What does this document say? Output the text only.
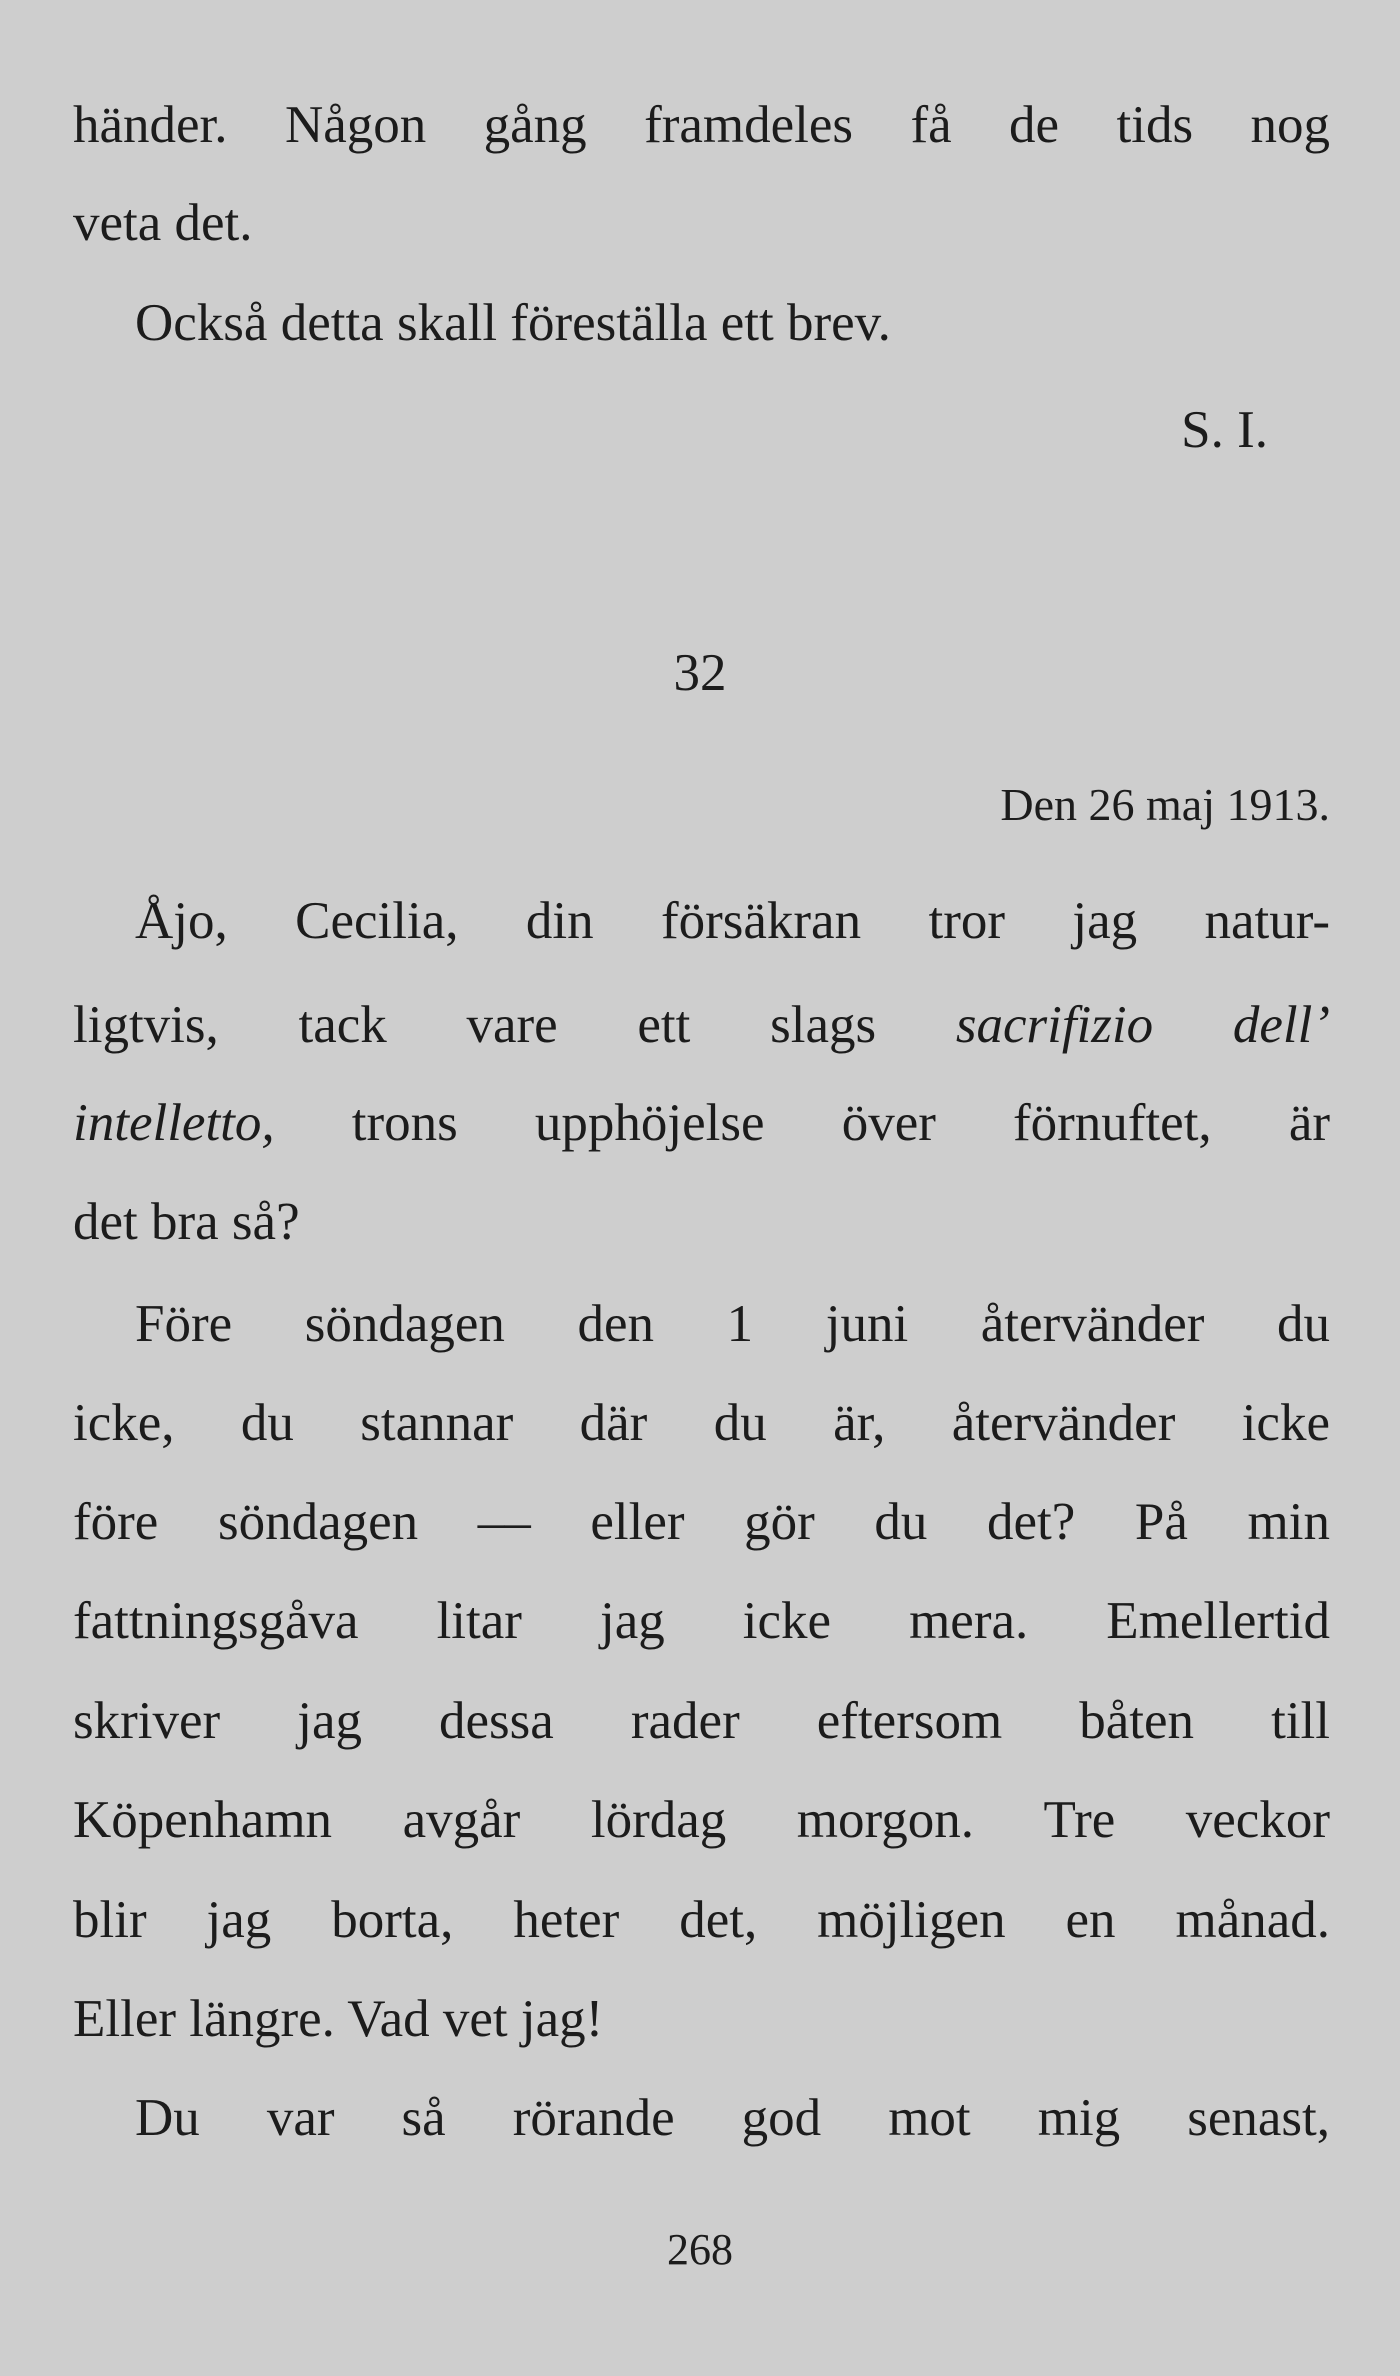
händer. Någon gång framdeles få de tids nog
veta det.
Också detta skall föreställa ett brev.
S. I.
32
Den 26 maj 1913.
Åjo, Cecilia, din försäkran tror jag natur-
ligtvis, tack vare ett slags sacrifizio dell’
intelletto, trons upphöjelse över förnuftet, är
det bra så?
Före söndagen den 1 juni återvänder du
icke, du stannar där du är, återvänder icke
före söndagen –– eller gör du det? På min
fattningsgåva litar jag icke mera. Emellertid
skriver jag dessa rader eftersom båten till
Köpenhamn avgår lördag morgon. Tre veckor
blir jag borta, heter det, möjligen en månad.
Eller längre. Vad vet jag!
Du var så rörande god mot mig senast,
268
